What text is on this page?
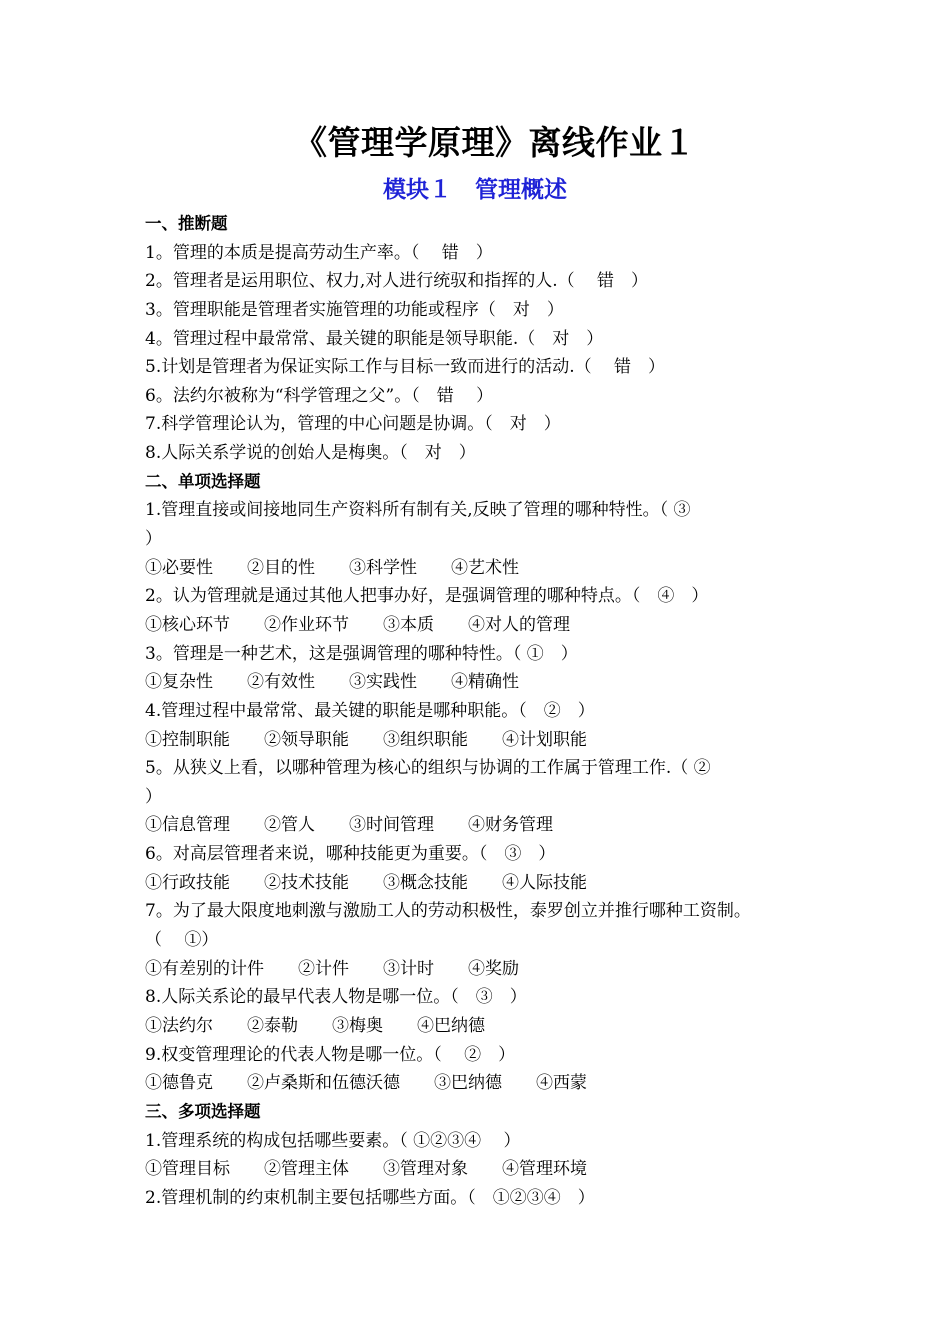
《管理学原理》离线作业１
模块１　管理概述
一、推断题
1。管理的本质是提高劳动生产率。（　 错　）
2。管理者是运用职位、权力,对人进行统驭和指挥的人.（　 错　）
3。管理职能是管理者实施管理的功能或程序（　对　）
4。管理过程中最常常、最关键的职能是领导职能.（　对　）
5.计划是管理者为保证实际工作与目标一致而进行的活动.（　 错　）
6。法约尔被称为“科学管理之父”。（　错　 ）
7.科学管理论认为，管理的中心问题是协调。（　对　）
8.人际关系学说的创始人是梅奥。（　对　）
二、单项选择题
1.管理直接或间接地同生产资料所有制有关,反映了管理的哪种特性。（ ③
）
①必要性　　②目的性　　③科学性　　④艺术性
2。认为管理就是通过其他人把事办好，是强调管理的哪种特点。（　④　）
①核心环节　　②作业环节　　③本质　　④对人的管理
3。管理是一种艺术，这是强调管理的哪种特性。（ ①　）
①复杂性　　②有效性　　③实践性　　④精确性
4.管理过程中最常常、最关键的职能是哪种职能。（　②　）
①控制职能　　②领导职能　　③组织职能　　④计划职能
5。从狭义上看，以哪种管理为核心的组织与协调的工作属于管理工作.（ ②
）
①信息管理　　②管人　　③时间管理　　④财务管理
6。对高层管理者来说，哪种技能更为重要。（　③　）
①行政技能　　②技术技能　　③概念技能　　④人际技能
7。为了最大限度地刺激与激励工人的劳动积极性，泰罗创立并推行哪种工资制。
（　 ①）
①有差别的计件　　②计件　　③计时　　④奖励
8.人际关系论的最早代表人物是哪一位。（　③　）
①法约尔　　②泰勒　　③梅奥　　④巴纳德
9.权变管理理论的代表人物是哪一位。（　 ②　）
①德鲁克　　②卢桑斯和伍德沃德　　③巴纳德　　④西蒙
三、多项选择题
1.管理系统的构成包括哪些要素。（ ①②③④　 ）
①管理目标　　②管理主体　　③管理对象　　④管理环境
2.管理机制的约束机制主要包括哪些方面。（　①②③④　）
